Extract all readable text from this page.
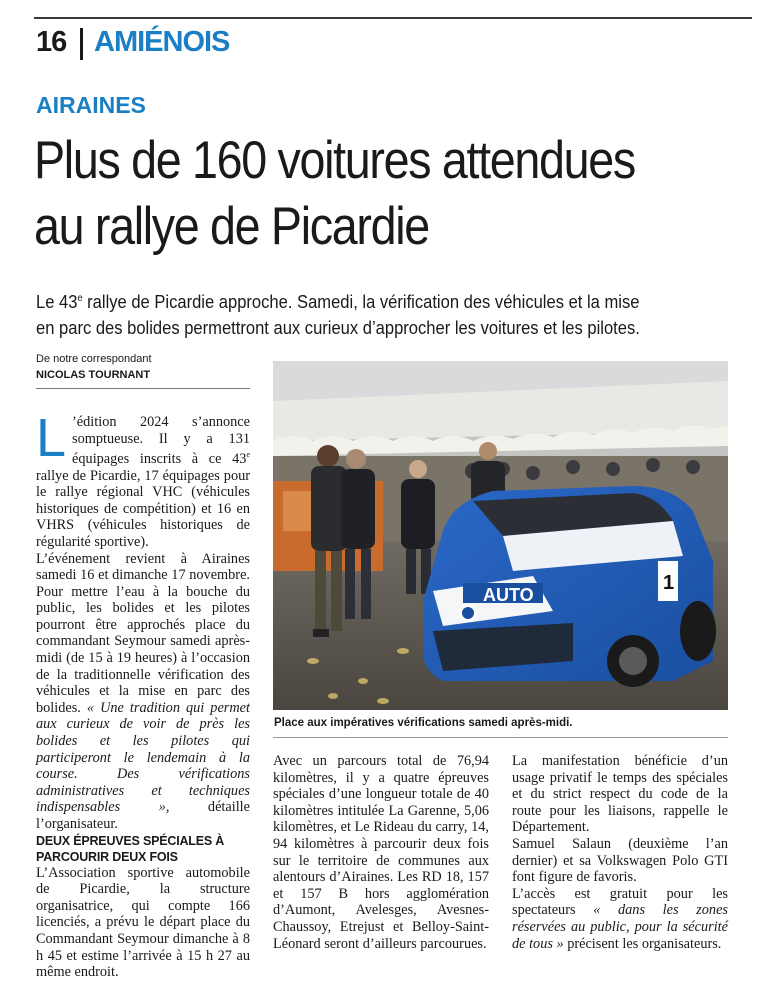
16 AMIÉNOIS
AIRAINES
Plus de 160 voitures attendues
au rallye de Picardie
Le 43e rallye de Picardie approche. Samedi, la vérification des véhicules et la mise
en parc des bolides permettront aux curieux d’approcher les voitures et les pilotes.
De notre correspondant
NICOLAS TOURNANT

L ’édition 2024 s’annonce somptueuse. Il y a 131 équipages inscrits à ce 43e rallye de Picardie, 17 équipages pour le rallye régional VHC (véhicules historiques de compétition) et 16 en VHRS (véhicules historiques de régularité sportive).

L’événement revient à Airaines samedi 16 et dimanche 17 novembre. Pour mettre l’eau à la bouche du public, les bolides et les pilotes pourront être approchés place du commandant Seymour samedi après-midi (de 15 à 19 heures) à l’occasion de la traditionnelle vérification des véhicules et la mise en parc des bolides. « Une tradition qui permet aux curieux de voir de près les bolides et les pilotes qui participeront le lendemain à la course. Des vérifications administratives et techniques indispensables », détaille l’organisateur.

DEUX ÉPREUVES SPÉCIALES À PARCOURIR DEUX FOIS

L’Association sportive automobile de Picardie, la structure organisatrice, qui compte 166 licenciés, a prévu le départ place du Commandant Seymour dimanche à 8 h 45 et estime l’arrivée à 15 h 27 au même endroit.

AUTO
1
Place aux impératives vérifications samedi après-midi.

Avec un parcours total de 76,94 kilomètres, il y a quatre épreuves spéciales d’une longueur totale de 40 kilomètres intitulée La Garenne, 5,06 kilomètres, et Le Rideau du carry, 14, 94 kilomètres à parcourir deux fois sur le territoire de communes aux alentours d’Airaines. Les RD 18, 157 et 157 B hors agglomération d’Aumont, Avelesges, Avesnes-Chaussoy, Etrejust et Belloy-Saint-Léonard seront d’ailleurs parcourues.

La manifestation bénéficie d’un usage privatif le temps des spéciales et du strict respect du code de la route pour les liaisons, rappelle le Département.

Samuel Salaun (deuxième l’an dernier) et sa Volkswagen Polo GTI font figure de favoris.

L’accès est gratuit pour les spectateurs « dans les zones réservées au public, pour la sécurité de tous » précisent les organisateurs.
